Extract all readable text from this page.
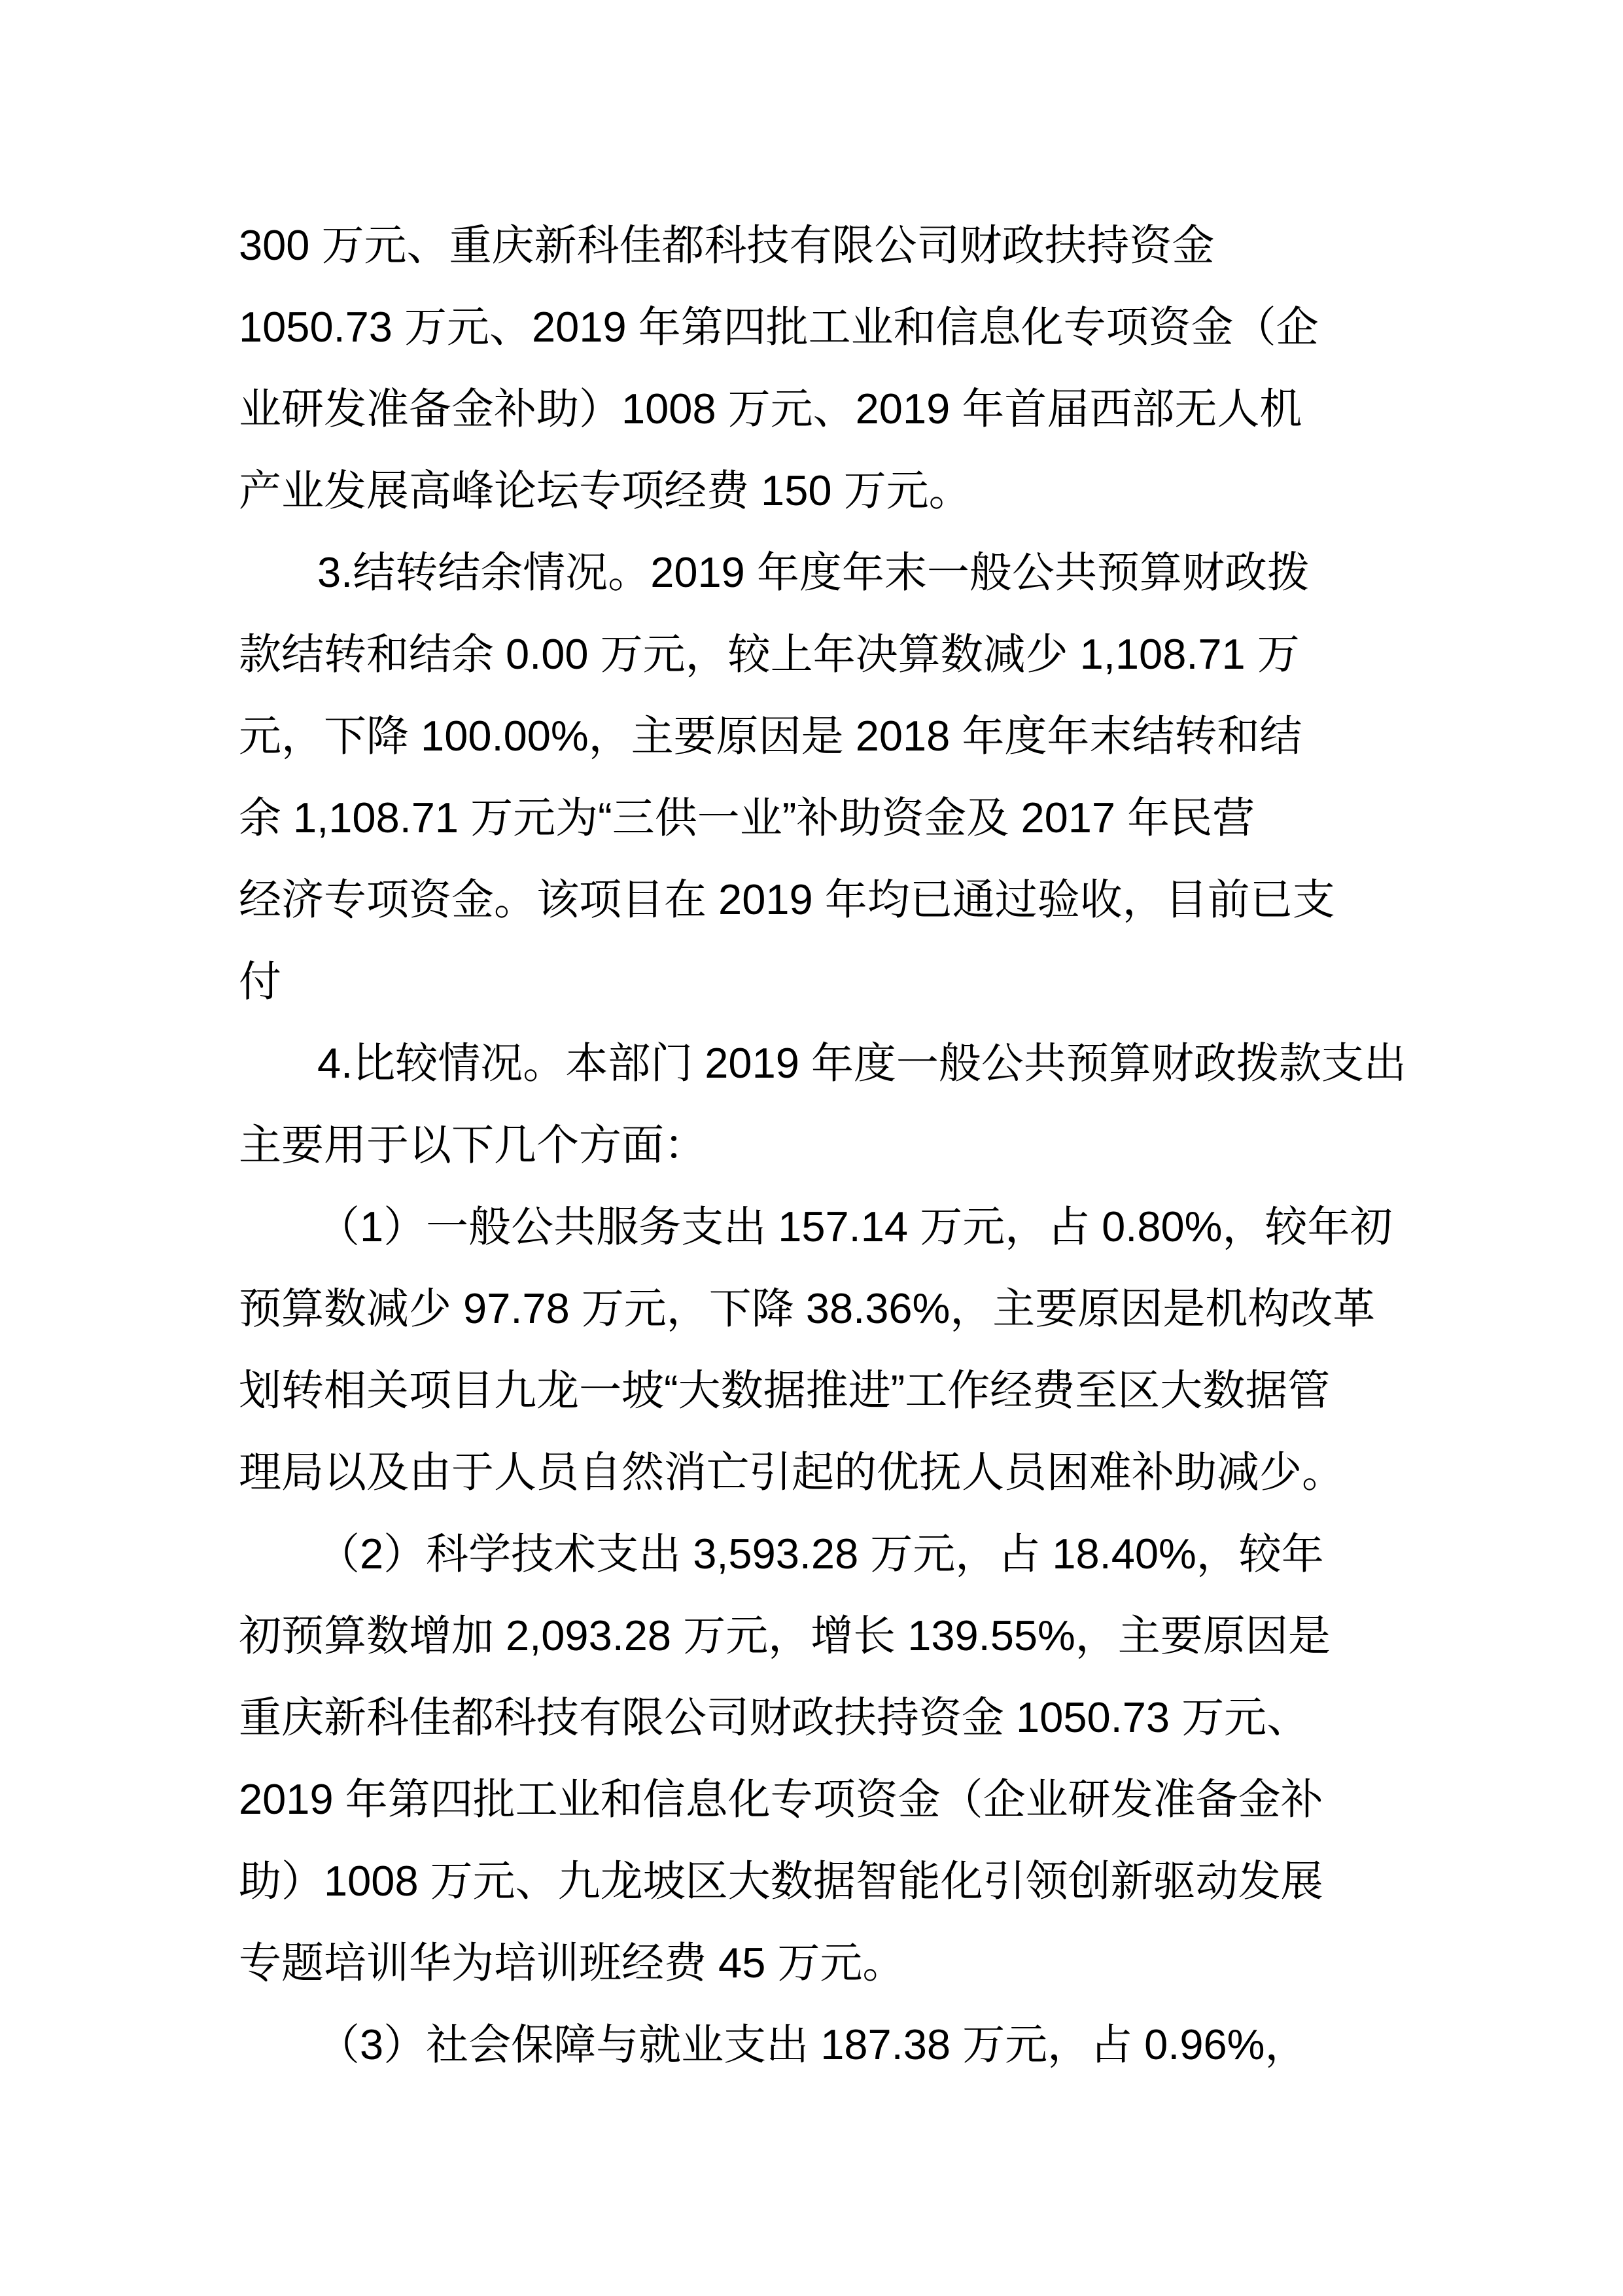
300 万元、重庆新科佳都科技有限公司财政扶持资金
1050.73 万元、2019 年第四批工业和信息化专项资金（企
业研发准备金补助）1008 万元、2019 年首届西部无人机
产业发展高峰论坛专项经费 150 万元。
3.结转结余情况。2019 年度年末一般公共预算财政拨
款结转和结余 0.00 万元，较上年决算数减少 1,108.71 万
元，下降 100.00%，主要原因是 2018 年度年末结转和结
余 1,108.71 万元为“三供一业”补助资金及 2017 年民营
经济专项资金。该项目在 2019 年均已通过验收，目前已支
付
4.比较情况。本部门 2019 年度一般公共预算财政拨款支出
主要用于以下几个方面：
（1）一般公共服务支出 157.14 万元，占 0.80%，较年初
预算数减少 97.78 万元，下降 38.36%，主要原因是机构改革
划转相关项目九龙一坡“大数据推进”工作经费至区大数据管
理局以及由于人员自然消亡引起的优抚人员困难补助减少。
（2）科学技术支出 3,593.28 万元，占 18.40%，较年
初预算数增加 2,093.28 万元，增长 139.55%，主要原因是
重庆新科佳都科技有限公司财政扶持资金 1050.73 万元、
2019 年第四批工业和信息化专项资金（企业研发准备金补
助）1008 万元、九龙坡区大数据智能化引领创新驱动发展
专题培训华为培训班经费 45 万元。
（3）社会保障与就业支出 187.38 万元，占 0.96%，
